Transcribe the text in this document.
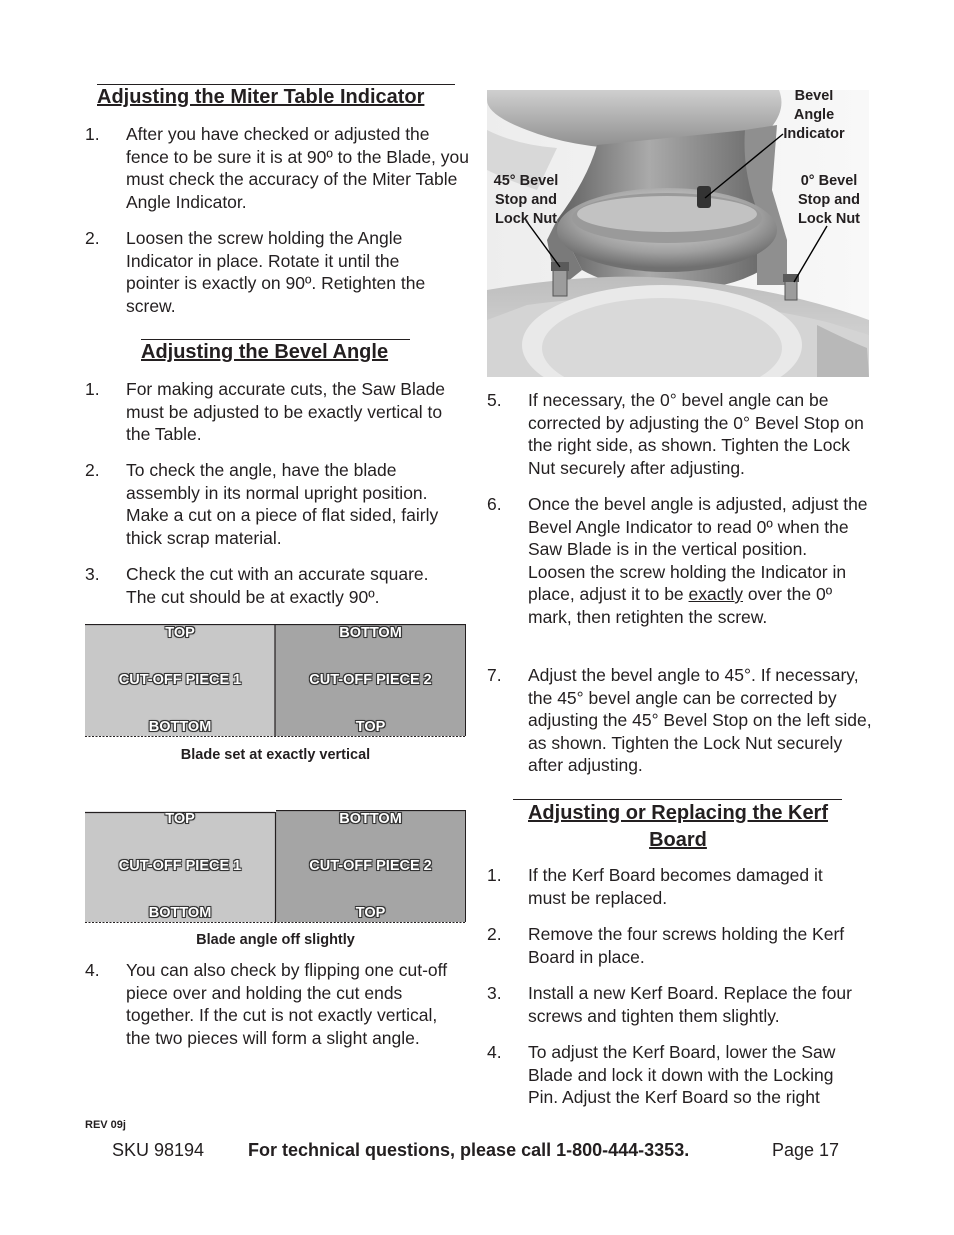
Adjusting the Miter Table Indicator
1. After you have checked or adjusted the fence to be sure it is at 90º to the Blade, you must check the accuracy of the Miter Table Angle Indicator.
2. Loosen the screw holding the Angle Indicator in place. Rotate it until the pointer is exactly on 90º. Retighten the screw.
Adjusting the Bevel Angle
1. For making accurate cuts, the Saw Blade must be adjusted to be exactly vertical to the Table.
2. To check the angle, have the blade assembly in its normal upright position. Make a cut on a piece of flat sided, fairly thick scrap material.
3. Check the cut with an accurate square. The cut should be at exactly 90º.
TOP
CUT-OFF PIECE 1
BOTTOM
BOTTOM
CUT-OFF PIECE 2
TOP
Blade set at exactly vertical
TOP
CUT-OFF PIECE 1
BOTTOM
BOTTOM
CUT-OFF PIECE 2
TOP
Blade angle off slightly
4. You can also check by flipping one cut-off piece over and holding the cut ends together. If the cut is not exactly vertical, the two pieces will form a slight angle.
Bevel
Angle
Indicator
45° Bevel
Stop and
Lock Nut
0° Bevel
Stop and
Lock Nut
5. If necessary, the 0° bevel angle can be corrected by adjusting the 0° Bevel Stop on the right side, as shown. Tighten the Lock Nut securely after adjusting.
6. Once the bevel angle is adjusted, adjust the Bevel Angle Indicator to read 0º when the Saw Blade is in the vertical position. Loosen the screw holding the Indicator in place, adjust it to be exactly over the 0º mark, then retighten the screw.
7. Adjust the bevel angle to 45°. If necessary, the 45° bevel angle can be corrected by adjusting the 45° Bevel Stop on the left side, as shown. Tighten the Lock Nut securely after adjusting.
Adjusting or Replacing the Kerf
Board
1. If the Kerf Board becomes damaged it must be replaced.
2. Remove the four screws holding the Kerf Board in place.
3. Install a new Kerf Board. Replace the four screws and tighten them slightly.
4. To adjust the Kerf Board, lower the Saw Blade and lock it down with the Locking Pin. Adjust the Kerf Board so the right
REV 09j
SKU 98194 For technical questions, please call 1-800-444-3353.	Page 17
